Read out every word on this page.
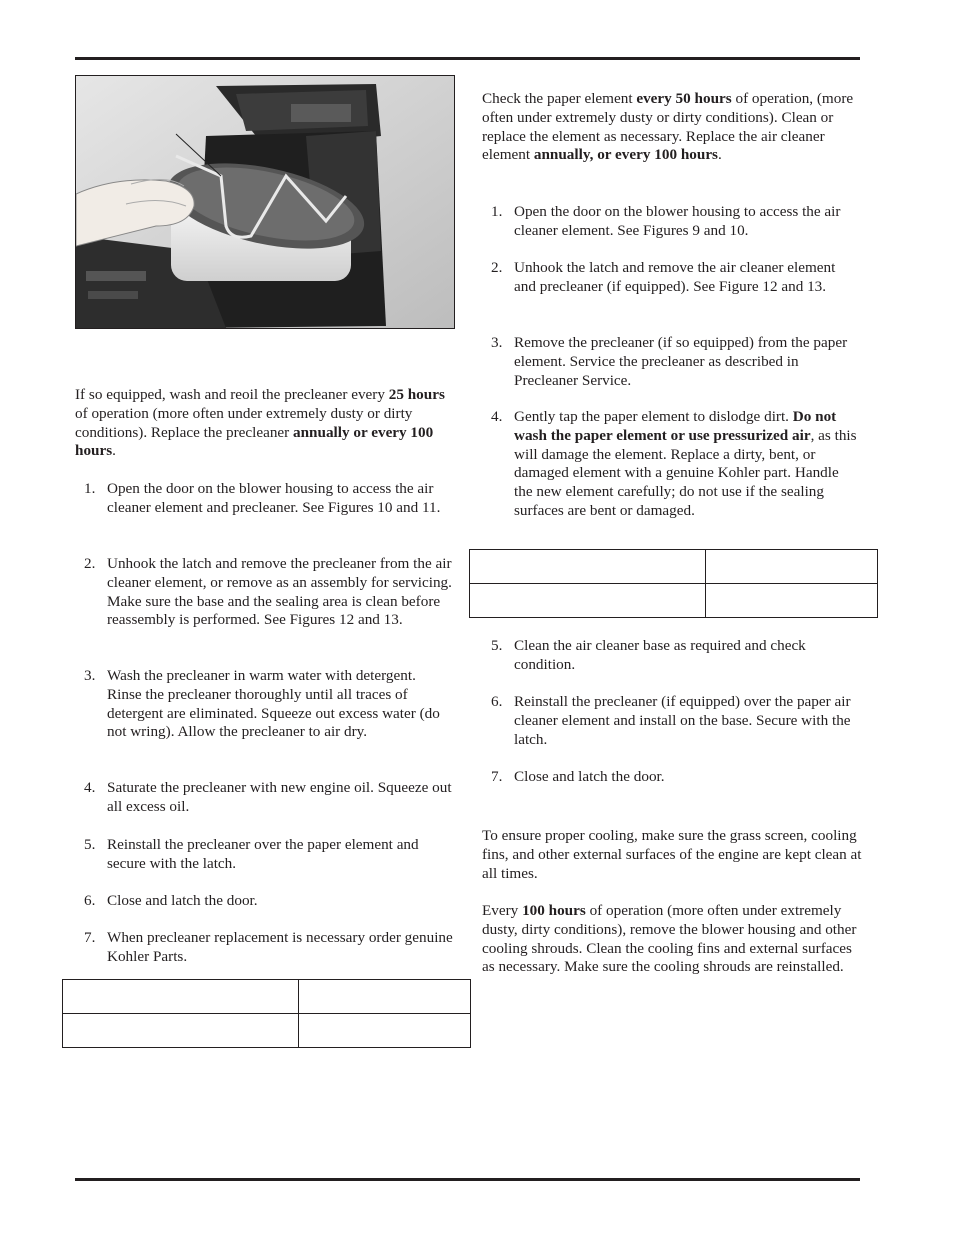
If so equipped, wash and reoil the precleaner every 25 hours of operation (more often under extremely dusty or dirty conditions). Replace the precleaner annually or every 100 hours.

1. Open the door on the blower housing to access the air cleaner element and precleaner. See Figures 10 and 11.
2. Unhook the latch and remove the precleaner from the air cleaner element, or remove as an assembly for servicing. Make sure the base and the sealing area is clean before reassembly is performed. See Figures 12 and 13.
3. Wash the precleaner in warm water with detergent. Rinse the precleaner thoroughly until all traces of detergent are eliminated. Squeeze out excess water (do not wring). Allow the precleaner to air dry.
4. Saturate the precleaner with new engine oil. Squeeze out all excess oil.
5. Reinstall the precleaner over the paper element and secure with the latch.
6. Close and latch the door.
7. When precleaner replacement is necessary order genuine Kohler Parts.

Check the paper element every 50 hours of operation, (more often under extremely dusty or dirty conditions). Clean or replace the element as necessary. Replace the air cleaner element annually, or every 100 hours.

1. Open the door on the blower housing to access the air cleaner element. See Figures 9 and 10.
2. Unhook the latch and remove the air cleaner element and precleaner (if equipped). See Figure 12 and 13.
3. Remove the precleaner (if so equipped) from the paper element. Service the precleaner as described in Precleaner Service.
4. Gently tap the paper element to dislodge dirt. Do not wash the paper element or use pressurized air, as this will damage the element. Replace a dirty, bent, or damaged element with a genuine Kohler part. Handle the new element carefully; do not use if the sealing surfaces are bent or damaged.

5. Clean the air cleaner base as required and check condition.
6. Reinstall the precleaner (if equipped) over the paper air cleaner element and install on the base. Secure with the latch.
7. Close and latch the door.

To ensure proper cooling, make sure the grass screen, cooling fins, and other external surfaces of the engine are kept clean at all times.

Every 100 hours of operation (more often under extremely dusty, dirty conditions), remove the blower housing and other cooling shrouds. Clean the cooling fins and external surfaces as necessary. Make sure the cooling shrouds are reinstalled.
